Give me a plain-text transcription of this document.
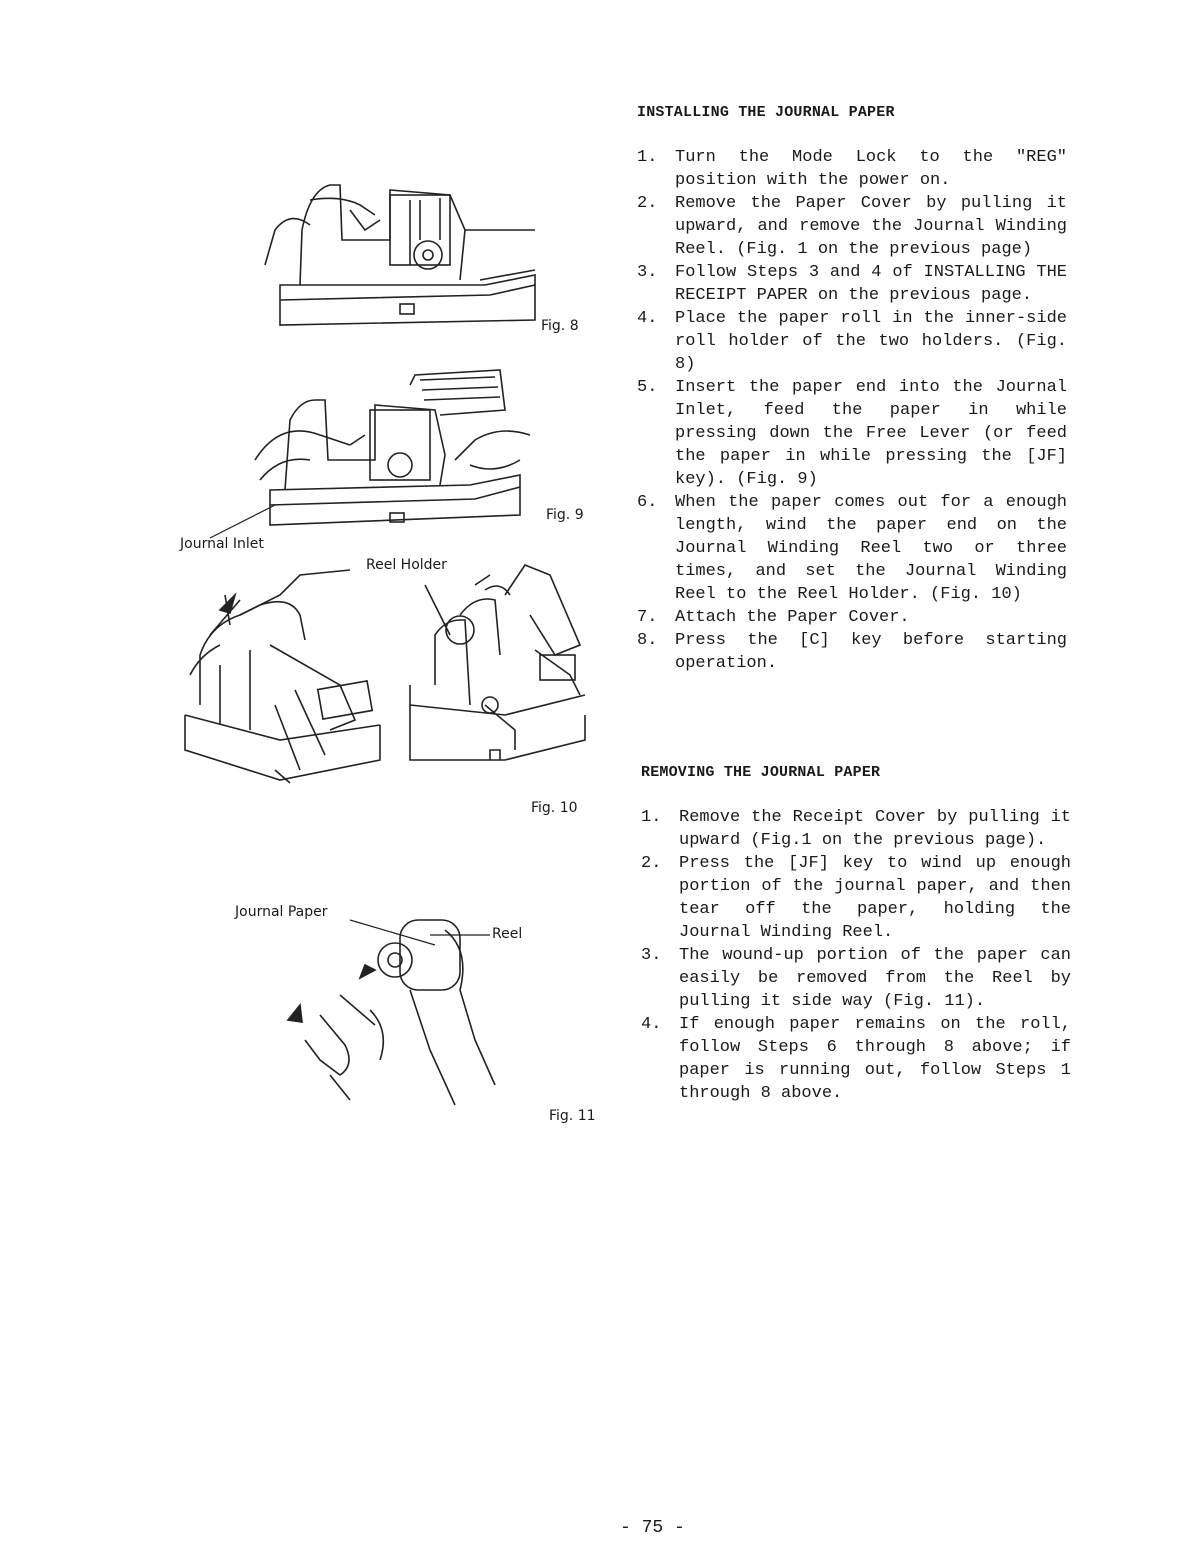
INSTALLING THE JOURNAL PAPER
1. Turn the Mode Lock to the "REG" position with the power on.
2. Remove the Paper Cover by pulling it upward, and remove the Journal Winding Reel. (Fig. 1 on the previous page)
3. Follow Steps 3 and 4 of INSTALLING THE RECEIPT PAPER on the previous page.
4. Place the paper roll in the inner-side roll holder of the two holders. (Fig. 8)
5. Insert the paper end into the Journal Inlet, feed the paper in while pressing down the Free Lever (or feed the paper in while pressing the [JF] key). (Fig. 9)
6. When the paper comes out for a enough length, wind the paper end on the Journal Winding Reel two or three times, and set the Journal Winding Reel to the Reel Holder. (Fig. 10)
7. Attach the Paper Cover.
8. Press the [C] key before starting operation.
REMOVING THE JOURNAL PAPER
1. Remove the Receipt Cover by pulling it upward (Fig.1 on the previous page).
2. Press the [JF] key to wind up enough portion of the journal paper, and then tear off the paper, holding the Journal Winding Reel.
3. The wound-up portion of the paper can easily be removed from the Reel by pulling it side way (Fig. 11).
4. If enough paper remains on the roll, follow Steps 6 through 8 above; if paper is running out, follow Steps 1 through 8 above.
Fig. 8
Fig. 9
Journal Inlet
Reel Holder
Fig. 10
Journal Paper
Reel
Fig. 11
- 75 -
